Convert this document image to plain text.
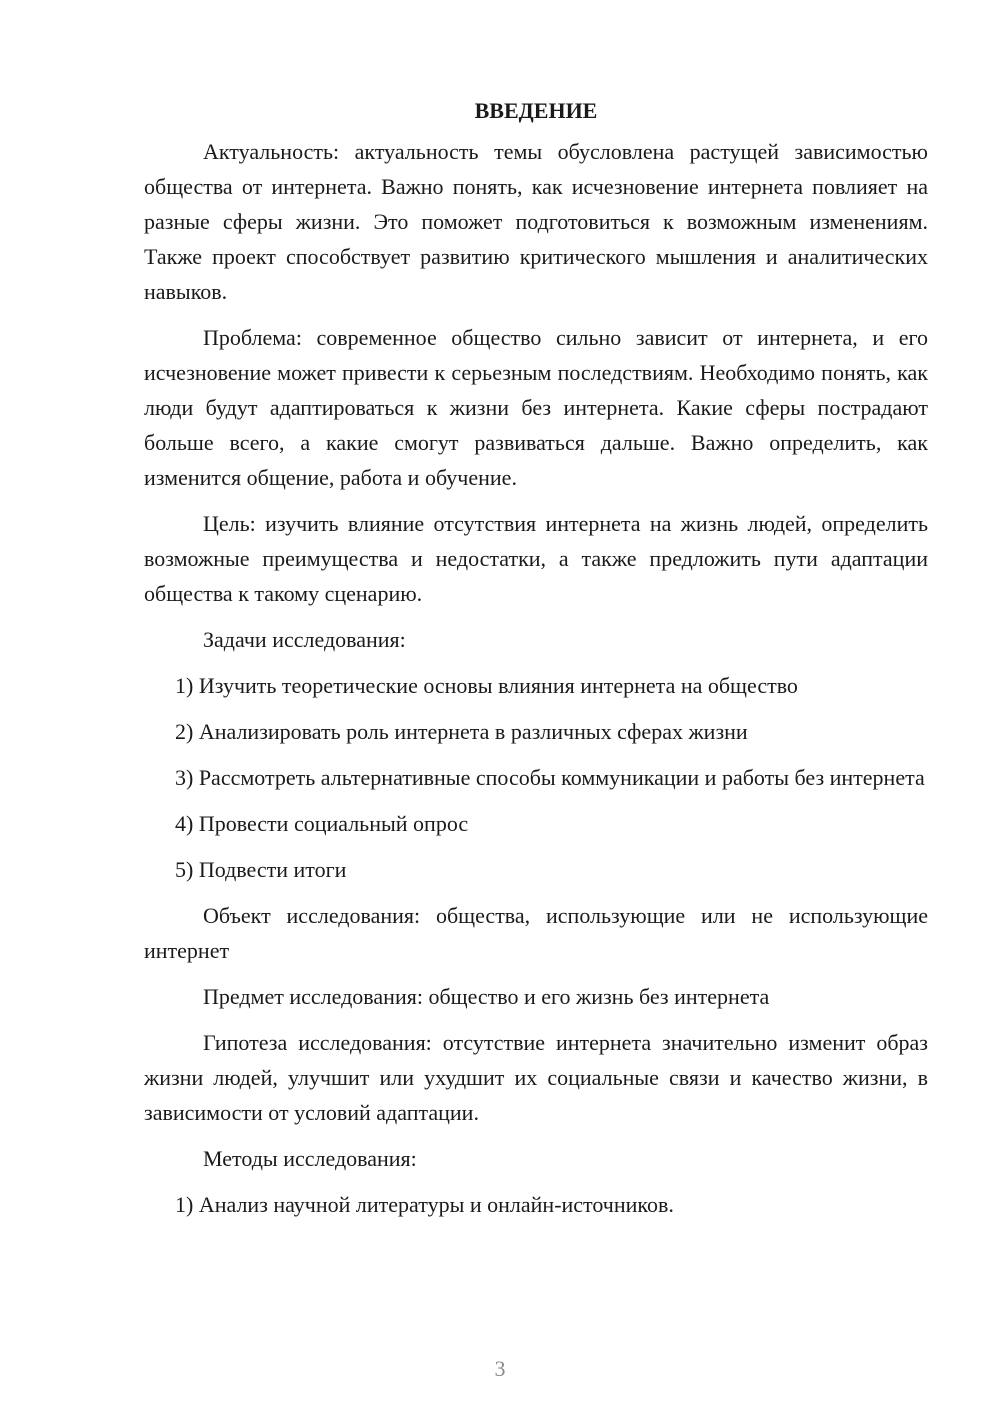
ВВЕДЕНИЕ

Актуальность: актуальность темы обусловлена растущей зависимостью общества от интернета. Важно понять, как исчезновение интернета повлияет на разные сферы жизни. Это поможет подготовиться к возможным изменениям. Также проект способствует развитию критического мышления и аналитических навыков.

Проблема: современное общество сильно зависит от интернета, и его исчезновение может привести к серьезным последствиям. Необходимо понять, как люди будут адаптироваться к жизни без интернета. Какие сферы пострадают больше всего, а какие смогут развиваться дальше. Важно определить, как изменится общение, работа и обучение.

Цель: изучить влияние отсутствия интернета на жизнь людей, определить возможные преимущества и недостатки, а также предложить пути адаптации общества к такому сценарию.

Задачи исследования:

1) Изучить теоретические основы влияния интернета на общество

2) Анализировать роль интернета в различных сферах жизни

3) Рассмотреть альтернативные способы коммуникации и работы без интернета

4) Провести социальный опрос

5) Подвести итоги

Объект исследования: общества, использующие или не использующие интернет

Предмет исследования: общество и его жизнь без интернета

Гипотеза исследования: отсутствие интернета значительно изменит образ жизни людей, улучшит или ухудшит их социальные связи и качество жизни, в зависимости от условий адаптации.

Методы исследования:

1) Анализ научной литературы и онлайн-источников.

3
